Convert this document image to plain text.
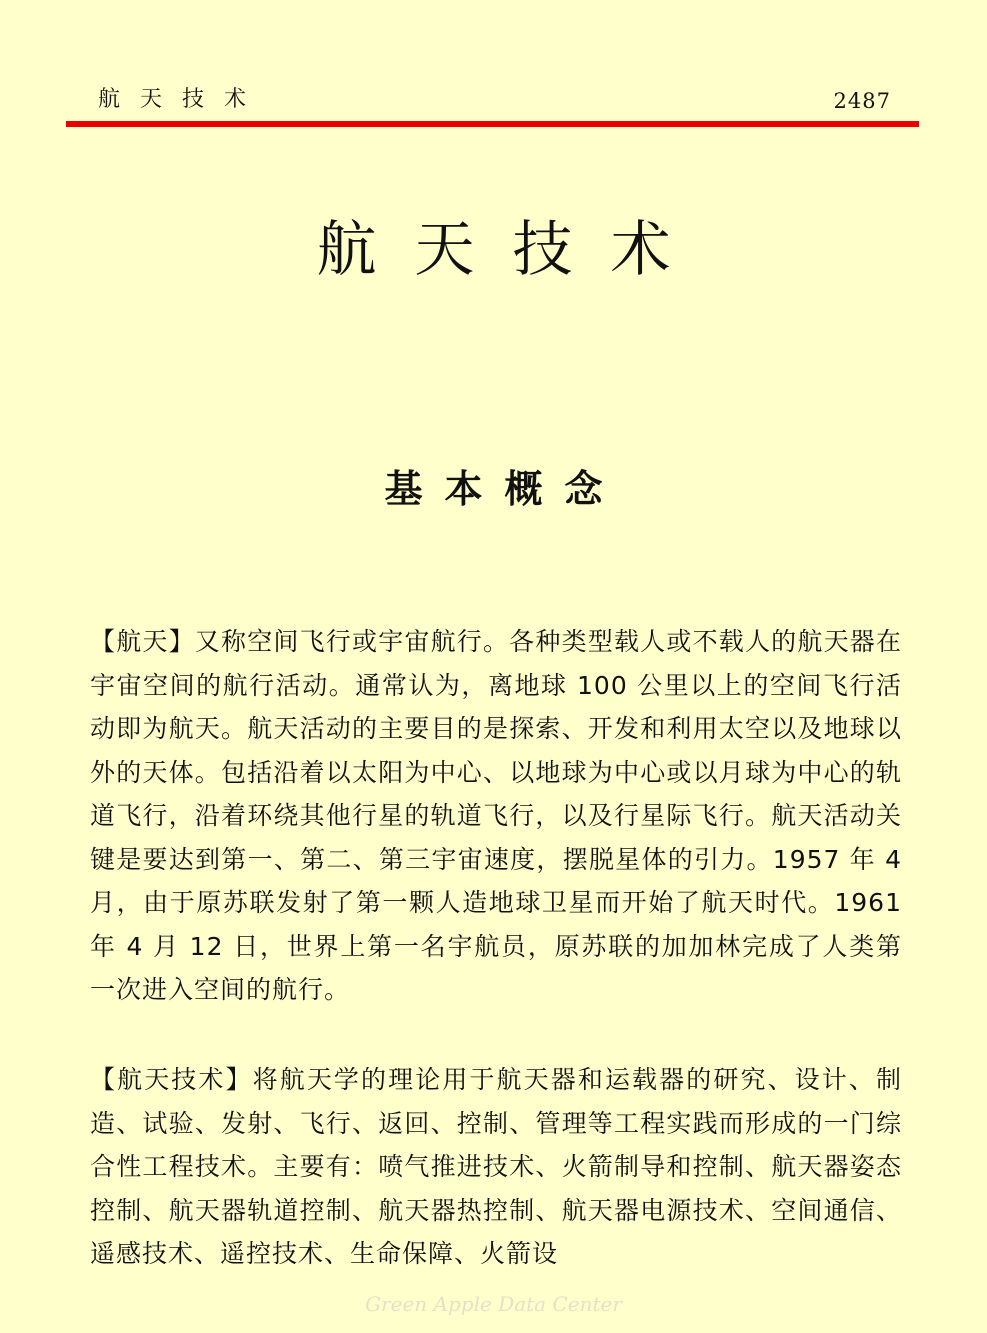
航天技术	2487
航天技术
基本概念

【航天】又称空间飞行或宇宙航行。各种类型载人或不载人的航天器在宇宙空间的航行活动。通常认为，离地球 100 公里以上的空间飞行活动即为航天。航天活动的主要目的是探索、开发和利用太空以及地球以外的天体。包括沿着以太阳为中心、以地球为中心或以月球为中心的轨道飞行，沿着环绕其他行星的轨道飞行，以及行星际飞行。航天活动关键是要达到第一、第二、第三宇宙速度，摆脱星体的引力。1957 年 4 月，由于原苏联发射了第一颗人造地球卫星而开始了航天时代。1961 年 4 月 12 日，世界上第一名宇航员，原苏联的加加林完成了人类第一次进入空间的航行。

【航天技术】将航天学的理论用于航天器和运载器的研究、设计、制造、试验、发射、飞行、返回、控制、管理等工程实践而形成的一门综合性工程技术。主要有：喷气推进技术、火箭制导和控制、航天器姿态控制、航天器轨道控制、航天器热控制、航天器电源技术、空间通信、遥感技术、遥控技术、生命保障、火箭设

Green Apple Data Center
